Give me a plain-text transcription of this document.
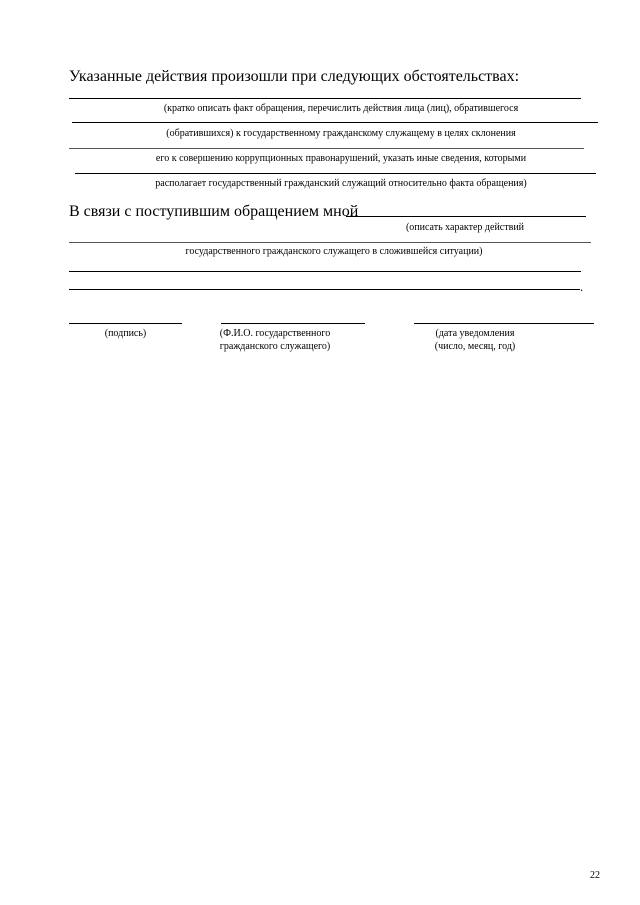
Указанные действия произошли при следующих обстоятельствах:
(кратко описать факт обращения, перечислить действия лица (лиц), обратившегося
(обратившихся) к государственному гражданскому служащему в целях склонения
его к совершению коррупционных правонарушений, указать иные сведения, которыми
располагает государственный гражданский служащий относительно факта обращения)
В связи с поступившим обращением мной
(описать характер действий
государственного гражданского служащего в сложившейся ситуации)
.
(подпись)	(Ф.И.О. государственного
гражданского служащего)
(дата уведомления
(число, месяц, год)
22
